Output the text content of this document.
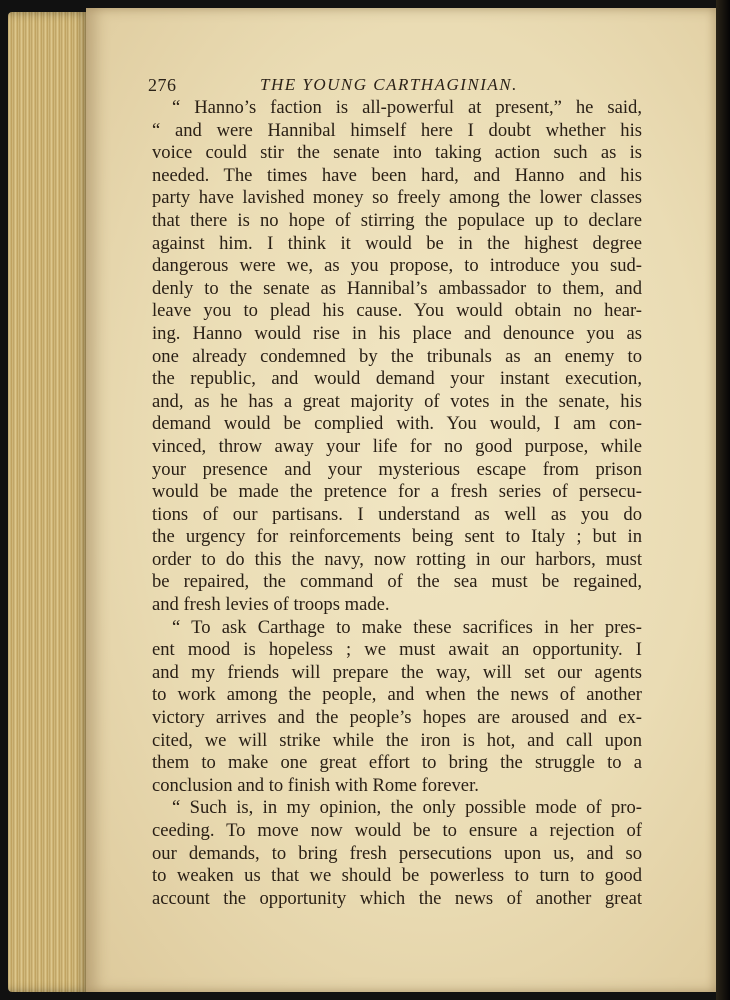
276	THE YOUNG CARTHAGINIAN.
“ Hanno’s faction is all-powerful at present,” he said,
“ and were Hannibal himself here I doubt whether his
voice could stir the senate into taking action such as is
needed. The times have been hard, and Hanno and his
party have lavished money so freely among the lower classes
that there is no hope of stirring the populace up to declare
against him. I think it would be in the highest degree
dangerous were we, as you propose, to introduce you sud-
denly to the senate as Hannibal’s ambassador to them, and
leave you to plead his cause. You would obtain no hear-
ing. Hanno would rise in his place and denounce you as
one already condemned by the tribunals as an enemy to
the republic, and would demand your instant execution,
and, as he has a great majority of votes in the senate, his
demand would be complied with. You would, I am con-
vinced, throw away your life for no good purpose, while
your presence and your mysterious escape from prison
would be made the pretence for a fresh series of persecu-
tions of our partisans. I understand as well as you do
the urgency for reinforcements being sent to Italy ; but in
order to do this the navy, now rotting in our harbors, must
be repaired, the command of the sea must be regained,
and fresh levies of troops made.
“ To ask Carthage to make these sacrifices in her pres-
ent mood is hopeless ; we must await an opportunity. I
and my friends will prepare the way, will set our agents
to work among the people, and when the news of another
victory arrives and the people’s hopes are aroused and ex-
cited, we will strike while the iron is hot, and call upon
them to make one great effort to bring the struggle to a
conclusion and to finish with Rome forever.
“ Such is, in my opinion, the only possible mode of pro-
ceeding. To move now would be to ensure a rejection of
our demands, to bring fresh persecutions upon us, and so
to weaken us that we should be powerless to turn to good
account the opportunity which the news of another great
